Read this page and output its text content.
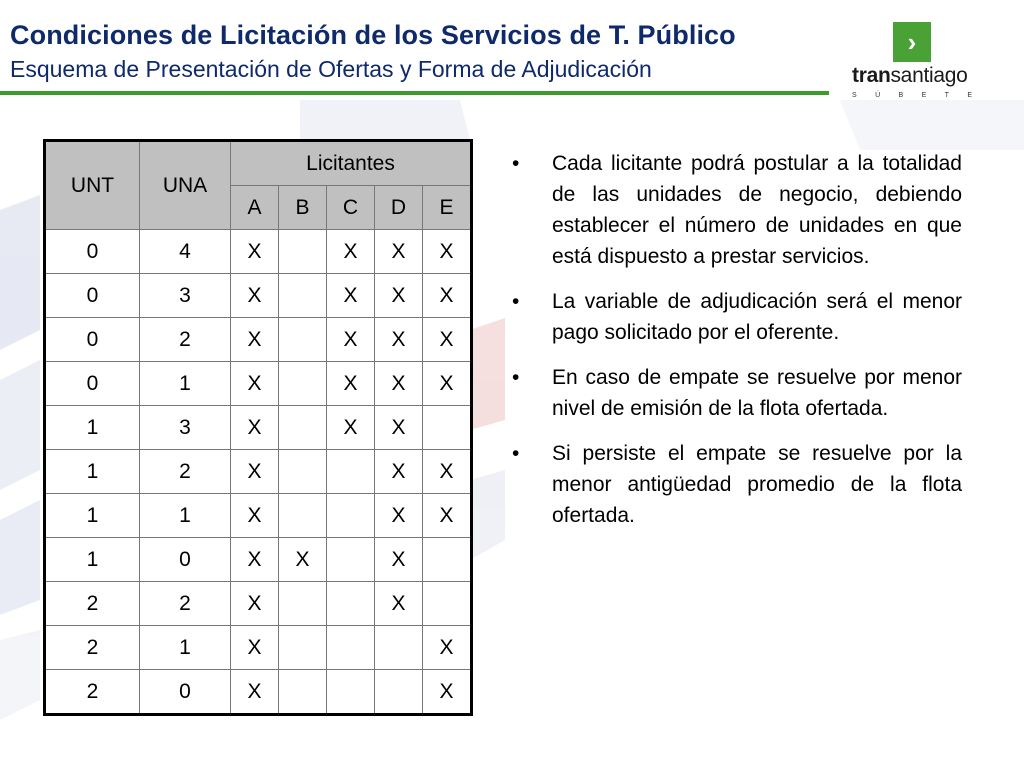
Condiciones de Licitación de los Servicios de T. Público
Esquema de Presentación de Ofertas y Forma de Adjudicación
›
transantiago
S	Ú	B	E	T	E
UNT	UNA	Licitantes				
		A	B	C	D	E
0	4	X		X	X	X
0	3	X		X	X	X
0	2	X		X	X	X
0	1	X		X	X	X
1	3	X		X	X	
1	2	X			X	X
1	1	X			X	X
1	0	X	X		X	
2	2	X			X	
2	1	X				X
2	0	X				X
•	Cada licitante podrá postular a la totalidad de las unidades de negocio, debiendo establecer el número de unidades en que está dispuesto a prestar servicios.
•	La variable de adjudicación será el menor pago solicitado por el oferente.
•	En caso de empate se resuelve por menor nivel de emisión de la flota ofertada.
•	Si persiste el empate se resuelve por la menor antigüedad promedio de la flota ofertada.
